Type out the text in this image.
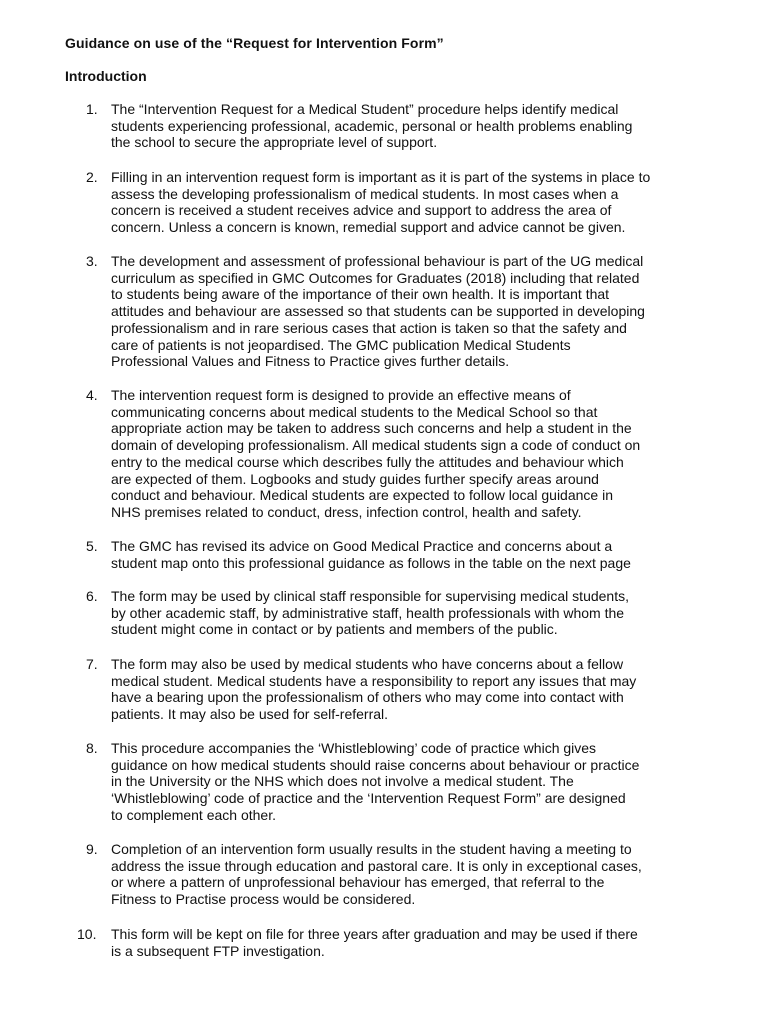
Guidance on use of the “Request for Intervention Form”
Introduction
1. The “Intervention Request for a Medical Student” procedure helps identify medical
students experiencing professional, academic, personal or health problems enabling
the school to secure the appropriate level of support.
2. Filling in an intervention request form is important as it is part of the systems in place to
assess the developing professionalism of medical students. In most cases when a
concern is received a student receives advice and support to address the area of
concern. Unless a concern is known, remedial support and advice cannot be given.
3. The development and assessment of professional behaviour is part of the UG medical
curriculum as specified in GMC Outcomes for Graduates (2018) including that related
to students being aware of the importance of their own health. It is important that
attitudes and behaviour are assessed so that students can be supported in developing
professionalism and in rare serious cases that action is taken so that the safety and
care of patients is not jeopardised. The GMC publication Medical Students
Professional Values and Fitness to Practice gives further details.
4. The intervention request form is designed to provide an effective means of
communicating concerns about medical students to the Medical School so that
appropriate action may be taken to address such concerns and help a student in the
domain of developing professionalism. All medical students sign a code of conduct on
entry to the medical course which describes fully the attitudes and behaviour which
are expected of them. Logbooks and study guides further specify areas around
conduct and behaviour. Medical students are expected to follow local guidance in
NHS premises related to conduct, dress, infection control, health and safety.
5. The GMC has revised its advice on Good Medical Practice and concerns about a
student map onto this professional guidance as follows in the table on the next page
6. The form may be used by clinical staff responsible for supervising medical students,
by other academic staff, by administrative staff, health professionals with whom the
student might come in contact or by patients and members of the public.
7. The form may also be used by medical students who have concerns about a fellow
medical student. Medical students have a responsibility to report any issues that may
have a bearing upon the professionalism of others who may come into contact with
patients. It may also be used for self-referral.
8. This procedure accompanies the ‘Whistleblowing’ code of practice which gives
guidance on how medical students should raise concerns about behaviour or practice
in the University or the NHS which does not involve a medical student. The
‘Whistleblowing’ code of practice and the ‘Intervention Request Form” are designed
to complement each other.
9. Completion of an intervention form usually results in the student having a meeting to
address the issue through education and pastoral care. It is only in exceptional cases,
or where a pattern of unprofessional behaviour has emerged, that referral to the
Fitness to Practise process would be considered.
10.	This form will be kept on file for three years after graduation and may be used if there
is a subsequent FTP investigation.
